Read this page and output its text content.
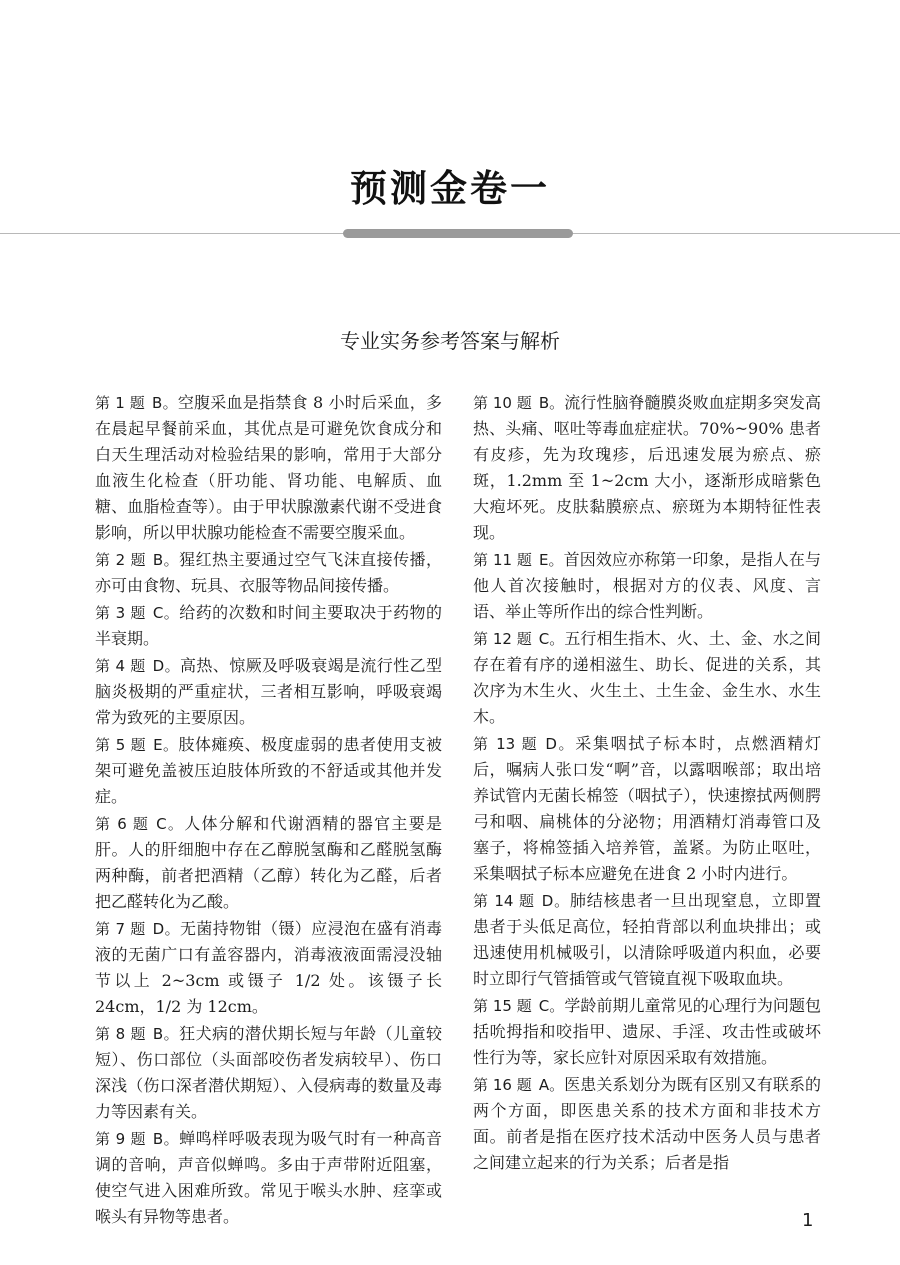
预测金卷一
专业实务参考答案与解析

第 1 题 B。空腹采血是指禁食 8 小时后采血，多在晨起早餐前采血，其优点是可避免饮食成分和白天生理活动对检验结果的影响，常用于大部分血液生化检查（肝功能、肾功能、电解质、血糖、血脂检查等）。由于甲状腺激素代谢不受进食影响，所以甲状腺功能检查不需要空腹采血。

第 2 题 B。猩红热主要通过空气飞沫直接传播，亦可由食物、玩具、衣服等物品间接传播。

第 3 题 C。给药的次数和时间主要取决于药物的半衰期。

第 4 题 D。高热、惊厥及呼吸衰竭是流行性乙型脑炎极期的严重症状，三者相互影响，呼吸衰竭常为致死的主要原因。

第 5 题 E。肢体瘫痪、极度虚弱的患者使用支被架可避免盖被压迫肢体所致的不舒适或其他并发症。

第 6 题 C。人体分解和代谢酒精的器官主要是肝。人的肝细胞中存在乙醇脱氢酶和乙醛脱氢酶两种酶，前者把酒精（乙醇）转化为乙醛，后者把乙醛转化为乙酸。

第 7 题 D。无菌持物钳（镊）应浸泡在盛有消毒液的无菌广口有盖容器内，消毒液液面需浸没轴节以上 2~3cm 或镊子 1/2 处。该镊子长 24cm，1/2 为 12cm。

第 8 题 B。狂犬病的潜伏期长短与年龄（儿童较短）、伤口部位（头面部咬伤者发病较早）、伤口深浅（伤口深者潜伏期短）、入侵病毒的数量及毒力等因素有关。

第 9 题 B。蝉鸣样呼吸表现为吸气时有一种高音调的音响，声音似蝉鸣。多由于声带附近阻塞，使空气进入困难所致。常见于喉头水肿、痉挛或喉头有异物等患者。

第 10 题 B。流行性脑脊髓膜炎败血症期多突发高热、头痛、呕吐等毒血症症状。70%~90% 患者有皮疹，先为玫瑰疹，后迅速发展为瘀点、瘀斑，1.2mm 至 1~2cm 大小，逐渐形成暗紫色大疱坏死。皮肤黏膜瘀点、瘀斑为本期特征性表现。

第 11 题 E。首因效应亦称第一印象，是指人在与他人首次接触时，根据对方的仪表、风度、言语、举止等所作出的综合性判断。

第 12 题 C。五行相生指木、火、土、金、水之间存在着有序的递相滋生、助长、促进的关系，其次序为木生火、火生土、土生金、金生水、水生木。

第 13 题 D。采集咽拭子标本时，点燃酒精灯后，嘱病人张口发“啊”音，以露咽喉部；取出培养试管内无菌长棉签（咽拭子），快速擦拭两侧腭弓和咽、扁桃体的分泌物；用酒精灯消毒管口及塞子，将棉签插入培养管，盖紧。为防止呕吐，采集咽拭子标本应避免在进食 2 小时内进行。

第 14 题 D。肺结核患者一旦出现窒息，立即置患者于头低足高位，轻拍背部以利血块排出；或迅速使用机械吸引，以清除呼吸道内积血，必要时立即行气管插管或气管镜直视下吸取血块。

第 15 题 C。学龄前期儿童常见的心理行为问题包括吮拇指和咬指甲、遗尿、手淫、攻击性或破坏性行为等，家长应针对原因采取有效措施。

第 16 题 A。医患关系划分为既有区别又有联系的两个方面，即医患关系的技术方面和非技术方面。前者是指在医疗技术活动中医务人员与患者之间建立起来的行为关系；后者是指

1
